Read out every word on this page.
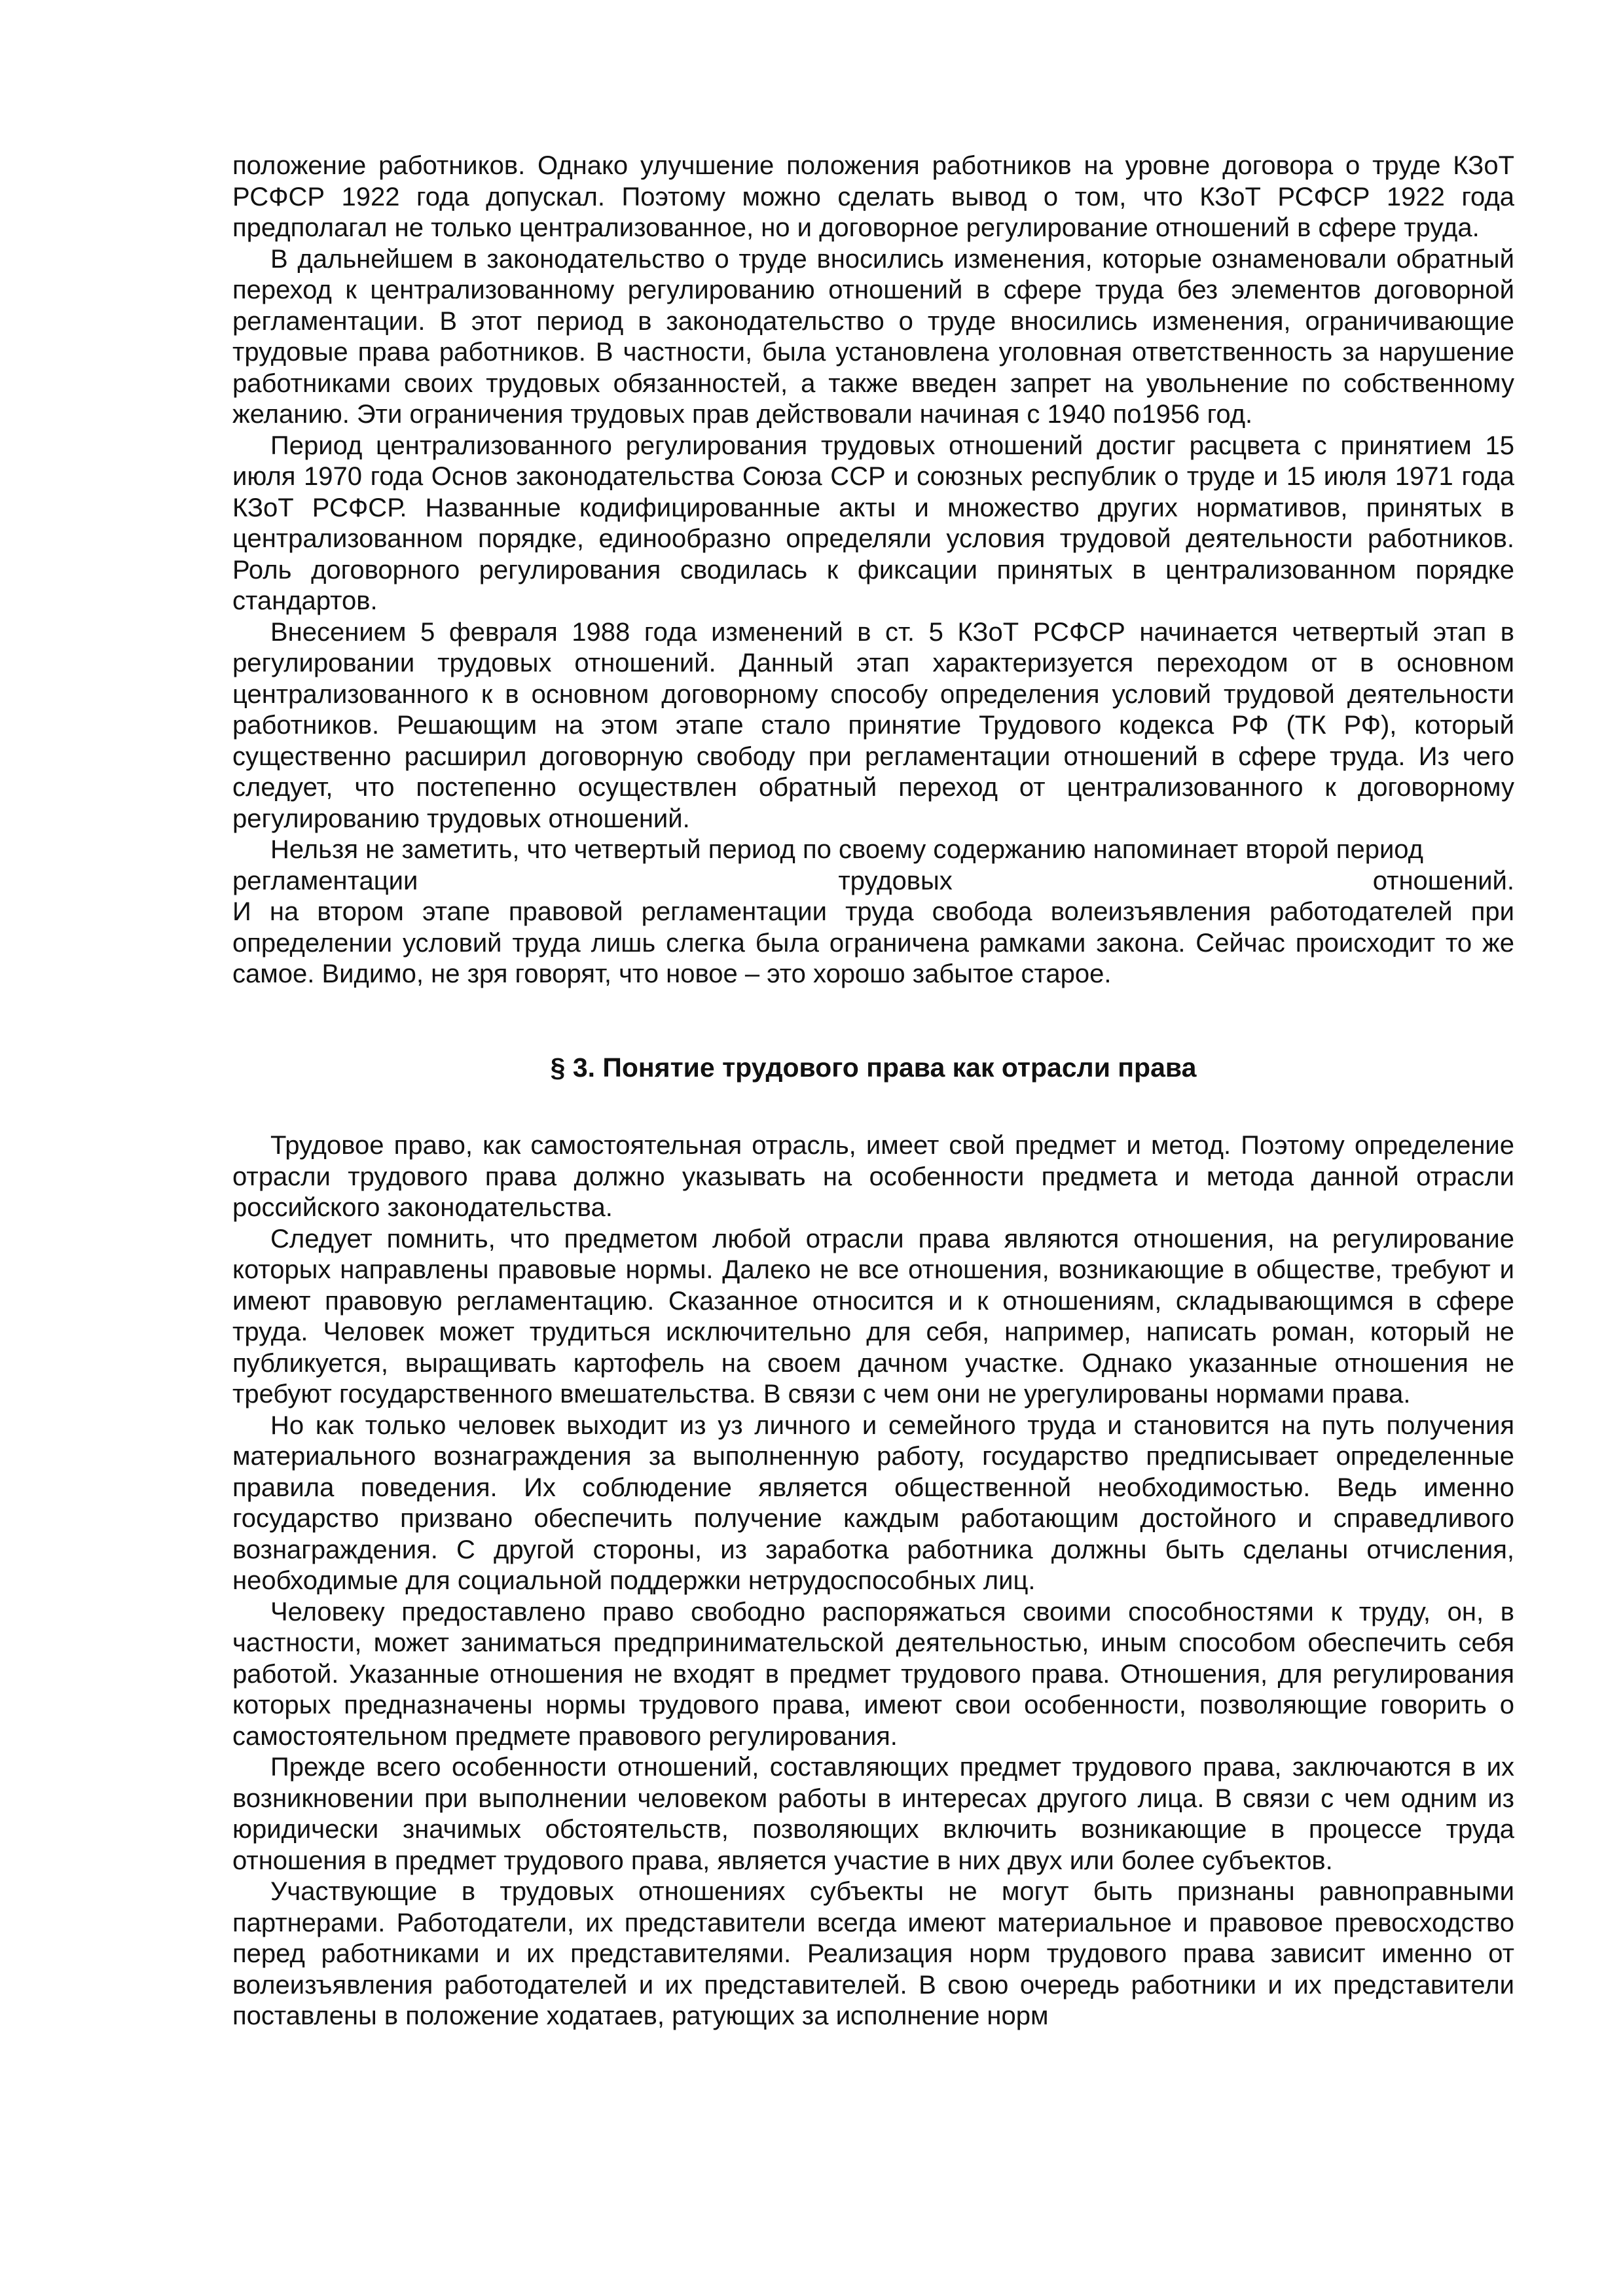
положение работников. Однако улучшение положения работников на уровне договора о труде КЗоТ РСФСР 1922 года допускал. Поэтому можно сделать вывод о том, что КЗоТ РСФСР 1922 года предполагал не только централизованное, но и договорное регулирование отношений в сфере труда.

В дальнейшем в законодательство о труде вносились изменения, которые ознаменовали обратный переход к централизованному регулированию отношений в сфере труда без элементов договорной регламентации. В этот период в законодательство о труде вносились изменения, ограничивающие трудовые права работников. В частности, была установлена уголовная ответственность за нарушение работниками своих трудовых обязанностей, а также введен запрет на увольнение по собственному желанию. Эти ограничения трудовых прав действовали начиная с 1940 по1956 год.

Период централизованного регулирования трудовых отношений достиг расцвета с принятием 15 июля 1970 года Основ законодательства Союза ССР и союзных республик о труде и 15 июля 1971 года КЗоТ РСФСР. Названные кодифицированные акты и множество других нормативов, принятых в централизованном порядке, единообразно определяли условия трудовой деятельности работников. Роль договорного регулирования сводилась к фиксации принятых в централизованном порядке стандартов.

Внесением 5 февраля 1988 года изменений в ст. 5 КЗоТ РСФСР начинается четвертый этап в регулировании трудовых отношений. Данный этап характеризуется переходом от в основном централизованного к в основном договорному способу определения условий трудовой деятельности работников. Решающим на этом этапе стало принятие Трудового кодекса РФ (ТК РФ), который существенно расширил договорную свободу при регламентации отношений в сфере труда. Из чего следует, что постепенно осуществлен обратный переход от централизованного к договорному регулированию трудовых отношений.

Нельзя не заметить, что четвертый период по своему содержанию напоминает второй период

регламентации	трудовых	отношений.

И на втором этапе правовой регламентации труда свобода волеизъявления работодателей при определении условий труда лишь слегка была ограничена рамками закона. Сейчас происходит то же самое. Видимо, не зря говорят, что новое – это хорошо забытое старое.

§ 3. Понятие трудового права как отрасли права

Трудовое право, как самостоятельная отрасль, имеет свой предмет и метод. Поэтому определение отрасли трудового права должно указывать на особенности предмета и метода данной отрасли российского законодательства.

Следует помнить, что предметом любой отрасли права являются отношения, на регулирование которых направлены правовые нормы. Далеко не все отношения, возникающие в обществе, требуют и имеют правовую регламентацию. Сказанное относится и к отношениям, складывающимся в сфере труда. Человек может трудиться исключительно для себя, например, написать роман, который не публикуется, выращивать картофель на своем дачном участке. Однако указанные отношения не требуют государственного вмешательства. В связи с чем они не урегулированы нормами права.

Но как только человек выходит из уз личного и семейного труда и становится на путь получения материального вознаграждения за выполненную работу, государство предписывает определенные правила поведения. Их соблюдение является общественной необходимостью. Ведь именно государство призвано обеспечить получение каждым работающим достойного и справедливого вознаграждения. С другой стороны, из заработка работника должны быть сделаны отчисления, необходимые для социальной поддержки нетрудоспособных лиц.

Человеку предоставлено право свободно распоряжаться своими способностями к труду, он, в частности, может заниматься предпринимательской деятельностью, иным способом обеспечить себя работой. Указанные отношения не входят в предмет трудового права. Отношения, для регулирования которых предназначены нормы трудового права, имеют свои особенности, позволяющие говорить о самостоятельном предмете правового регулирования.

Прежде всего особенности отношений, составляющих предмет трудового права, заключаются в их возникновении при выполнении человеком работы в интересах другого лица. В связи с чем одним из юридически значимых обстоятельств, позволяющих включить возникающие в процессе труда отношения в предмет трудового права, является участие в них двух или более субъектов.

Участвующие в трудовых отношениях субъекты не могут быть признаны равноправными партнерами. Работодатели, их представители всегда имеют материальное и правовое превосходство перед работниками и их представителями. Реализация норм трудового права зависит именно от волеизъявления работодателей и их представителей. В свою очередь работники и их представители поставлены в положение ходатаев, ратующих за исполнение норм
